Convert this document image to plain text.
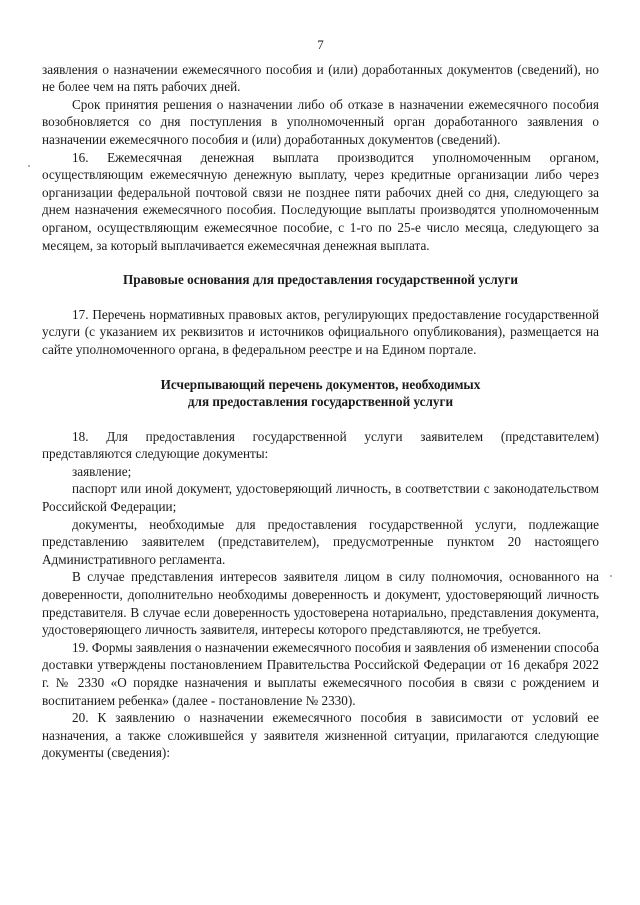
7

заявления о назначении ежемесячного пособия и (или) доработанных документов (сведений), но не более чем на пять рабочих дней.

Срок принятия решения о назначении либо об отказе в назначении ежемесячного пособия возобновляется со дня поступления в уполномоченный орган доработанного заявления о назначении ежемесячного пособия и (или) доработанных документов (сведений).

16. Ежемесячная денежная выплата производится уполномоченным органом, осуществляющим ежемесячную денежную выплату, через кредитные организации либо через организации федеральной почтовой связи не позднее пяти рабочих дней со дня, следующего за днем назначения ежемесячного пособия. Последующие выплаты производятся уполномоченным органом, осуществляющим ежемесячное пособие, с 1-го по 25-е число месяца, следующего за месяцем, за который выплачивается ежемесячная денежная выплата.

Правовые основания для предоставления государственной услуги

17. Перечень нормативных правовых актов, регулирующих предоставление государственной услуги (с указанием их реквизитов и источников официального опубликования), размещается на сайте уполномоченного органа, в федеральном реестре и на Едином портале.

Исчерпывающий перечень документов, необходимых

для предоставления государственной услуги

18. Для предоставления государственной услуги заявителем (представителем) представляются следующие документы:

заявление;

паспорт или иной документ, удостоверяющий личность, в соответствии с законодательством Российской Федерации;

документы, необходимые для предоставления государственной услуги, подлежащие представлению заявителем (представителем), предусмотренные пунктом 20 настоящего Административного регламента.

В случае представления интересов заявителя лицом в силу полномочия, основанного на доверенности, дополнительно необходимы доверенность и документ, удостоверяющий личность представителя. В случае если доверенность удостоверена нотариально, представления документа, удостоверяющего личность заявителя, интересы которого представляются, не требуется.

19. Формы заявления о назначении ежемесячного пособия и заявления об изменении способа доставки утверждены постановлением Правительства Российской Федерации от 16 декабря 2022 г. № 2330 «О порядке назначения и выплаты ежемесячного пособия в связи с рождением и воспитанием ребенка» (далее - постановление № 2330).

20. К заявлению о назначении ежемесячного пособия в зависимости от условий ее назначения, а также сложившейся у заявителя жизненной ситуации, прилагаются следующие документы (сведения):
